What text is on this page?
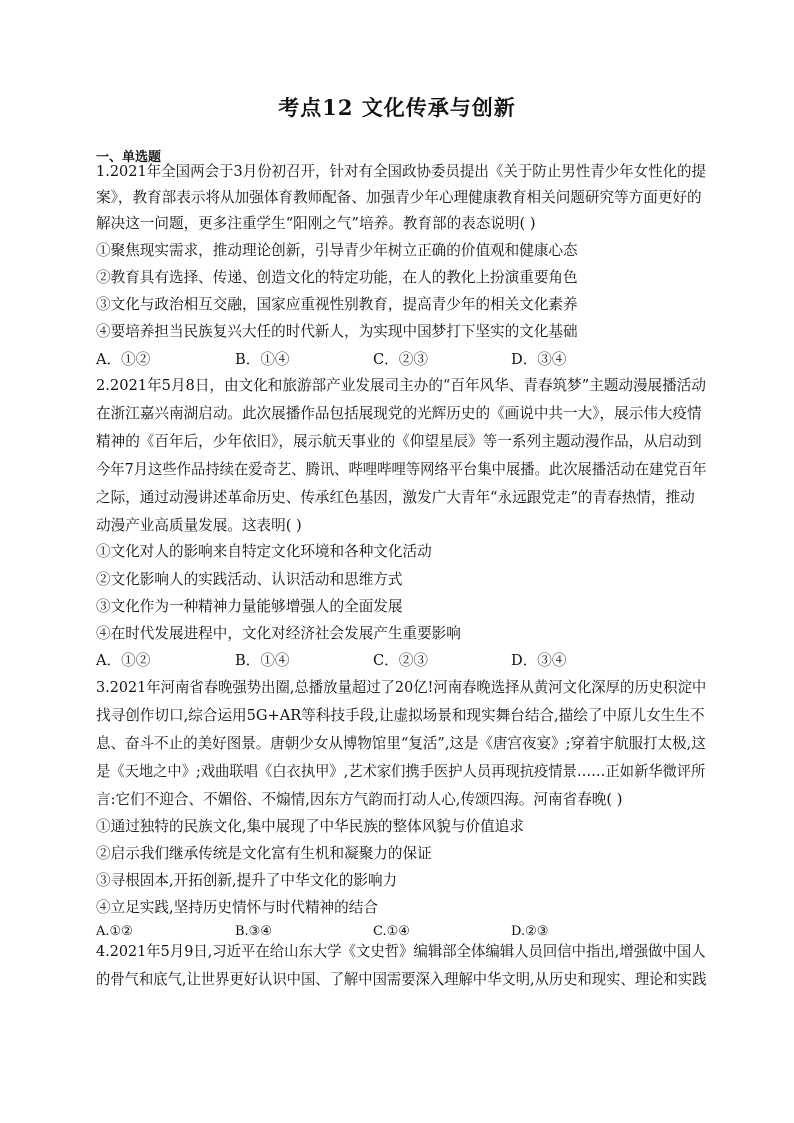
考点12 文化传承与创新
一、单选题
1.2021年全国两会于3月份初召开，针对有全国政协委员提出《关于防止男性青少年女性化的提
案》，教育部表示将从加强体育教师配备、加强青少年心理健康教育相关问题研究等方面更好的
解决这一问题，更多注重学生“阳刚之气”培养。教育部的表态说明( )
①聚焦现实需求，推动理论创新，引导青少年树立正确的价值观和健康心态
②教育具有选择、传递、创造文化的特定功能，在人的教化上扮演重要角色
③文化与政治相互交融，国家应重视性别教育，提高青少年的相关文化素养
④要培养担当民族复兴大任的时代新人，为实现中国梦打下坚实的文化基础
A．①②	B．①④	C．②③	D．③④
2.2021年5月8日，由文化和旅游部产业发展司主办的“百年风华、青春筑梦”主题动漫展播活动
在浙江嘉兴南湖启动。此次展播作品包括展现党的光辉历史的《画说中共一大》，展示伟大疫情
精神的《百年后，少年依旧》，展示航天事业的《仰望星辰》等一系列主题动漫作品，从启动到
今年7月这些作品持续在爱奇艺、腾讯、哔哩哔哩等网络平台集中展播。此次展播活动在建党百年
之际，通过动漫讲述革命历史、传承红色基因，激发广大青年“永远跟党走”的青春热情，推动
动漫产业高质量发展。这表明( )
①文化对人的影响来自特定文化环境和各种文化活动
②文化影响人的实践活动、认识活动和思维方式
③文化作为一种精神力量能够增强人的全面发展
④在时代发展进程中，文化对经济社会发展产生重要影响
A．①②	B．①④	C．②③	D．③④
3.2021年河南省春晚强势出圈,总播放量超过了20亿!河南春晚选择从黄河文化深厚的历史积淀中
找寻创作切口,综合运用5G+AR等科技手段,让虚拟场景和现实舞台结合,描绘了中原儿女生生不
息、奋斗不止的美好图景。唐朝少女从博物馆里“复活”,这是《唐宫夜宴》;穿着宇航服打太极,这
是《天地之中》;戏曲联唱《白衣执甲》,艺术家们携手医护人员再现抗疫情景……正如新华微评所
言:它们不迎合、不媚俗、不煽情,因东方气韵而打动人心,传颂四海。河南省春晚( )
①通过独特的民族文化,集中展现了中华民族的整体风貌与价值追求
②启示我们继承传统是文化富有生机和凝聚力的保证
③寻根固本,开拓创新,提升了中华文化的影响力
④立足实践,坚持历史情怀与时代精神的结合
A.①②	B.③④	C.①④	D.②③
4.2021年5月9日,习近平在给山东大学《文史哲》编辑部全体编辑人员回信中指出,增强做中国人
的骨气和底气,让世界更好认识中国、了解中国需要深入理解中华文明,从历史和现实、理论和实践
